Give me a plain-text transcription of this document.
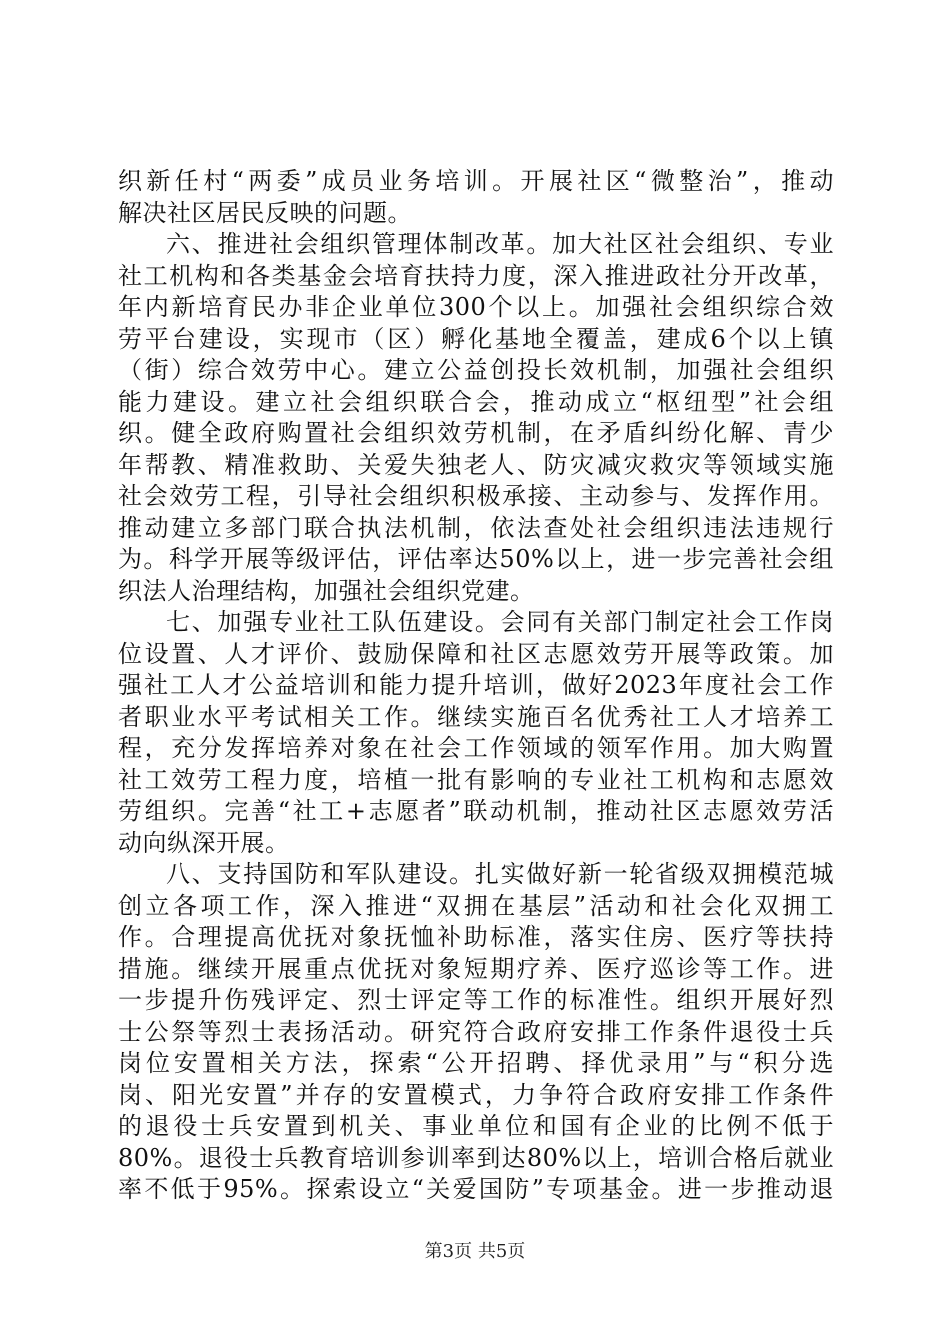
织新任村“两委”成员业务培训。开展社区“微整治”，推动
解决社区居民反映的问题。
六、推进社会组织管理体制改革。加大社区社会组织、专业
社工机构和各类基金会培育扶持力度，深入推进政社分开改革，
年内新培育民办非企业单位300个以上。加强社会组织综合效
劳平台建设，实现市（区）孵化基地全覆盖，建成6个以上镇
（街）综合效劳中心。建立公益创投长效机制，加强社会组织
能力建设。建立社会组织联合会，推动成立“枢纽型”社会组
织。健全政府购置社会组织效劳机制，在矛盾纠纷化解、青少
年帮教、精准救助、关爱失独老人、防灾减灾救灾等领域实施
社会效劳工程，引导社会组织积极承接、主动参与、发挥作用。
推动建立多部门联合执法机制，依法查处社会组织违法违规行
为。科学开展等级评估，评估率达50%以上，进一步完善社会组
织法人治理结构，加强社会组织党建。
七、加强专业社工队伍建设。会同有关部门制定社会工作岗
位设置、人才评价、鼓励保障和社区志愿效劳开展等政策。加
强社工人才公益培训和能力提升培训，做好2023年度社会工作
者职业水平考试相关工作。继续实施百名优秀社工人才培养工
程，充分发挥培养对象在社会工作领域的领军作用。加大购置
社工效劳工程力度，培植一批有影响的专业社工机构和志愿效
劳组织。完善“社工+志愿者”联动机制，推动社区志愿效劳活
动向纵深开展。
八、支持国防和军队建设。扎实做好新一轮省级双拥模范城
创立各项工作，深入推进“双拥在基层”活动和社会化双拥工
作。合理提高优抚对象抚恤补助标准，落实住房、医疗等扶持
措施。继续开展重点优抚对象短期疗养、医疗巡诊等工作。进
一步提升伤残评定、烈士评定等工作的标准性。组织开展好烈
士公祭等烈士表扬活动。研究符合政府安排工作条件退役士兵
岗位安置相关方法，探索“公开招聘、择优录用”与“积分选
岗、阳光安置”并存的安置模式，力争符合政府安排工作条件
的退役士兵安置到机关、事业单位和国有企业的比例不低于
80%。退役士兵教育培训参训率到达80%以上，培训合格后就业
率不低于95%。探索设立“关爱国防”专项基金。进一步推动退
第3页 共5页
